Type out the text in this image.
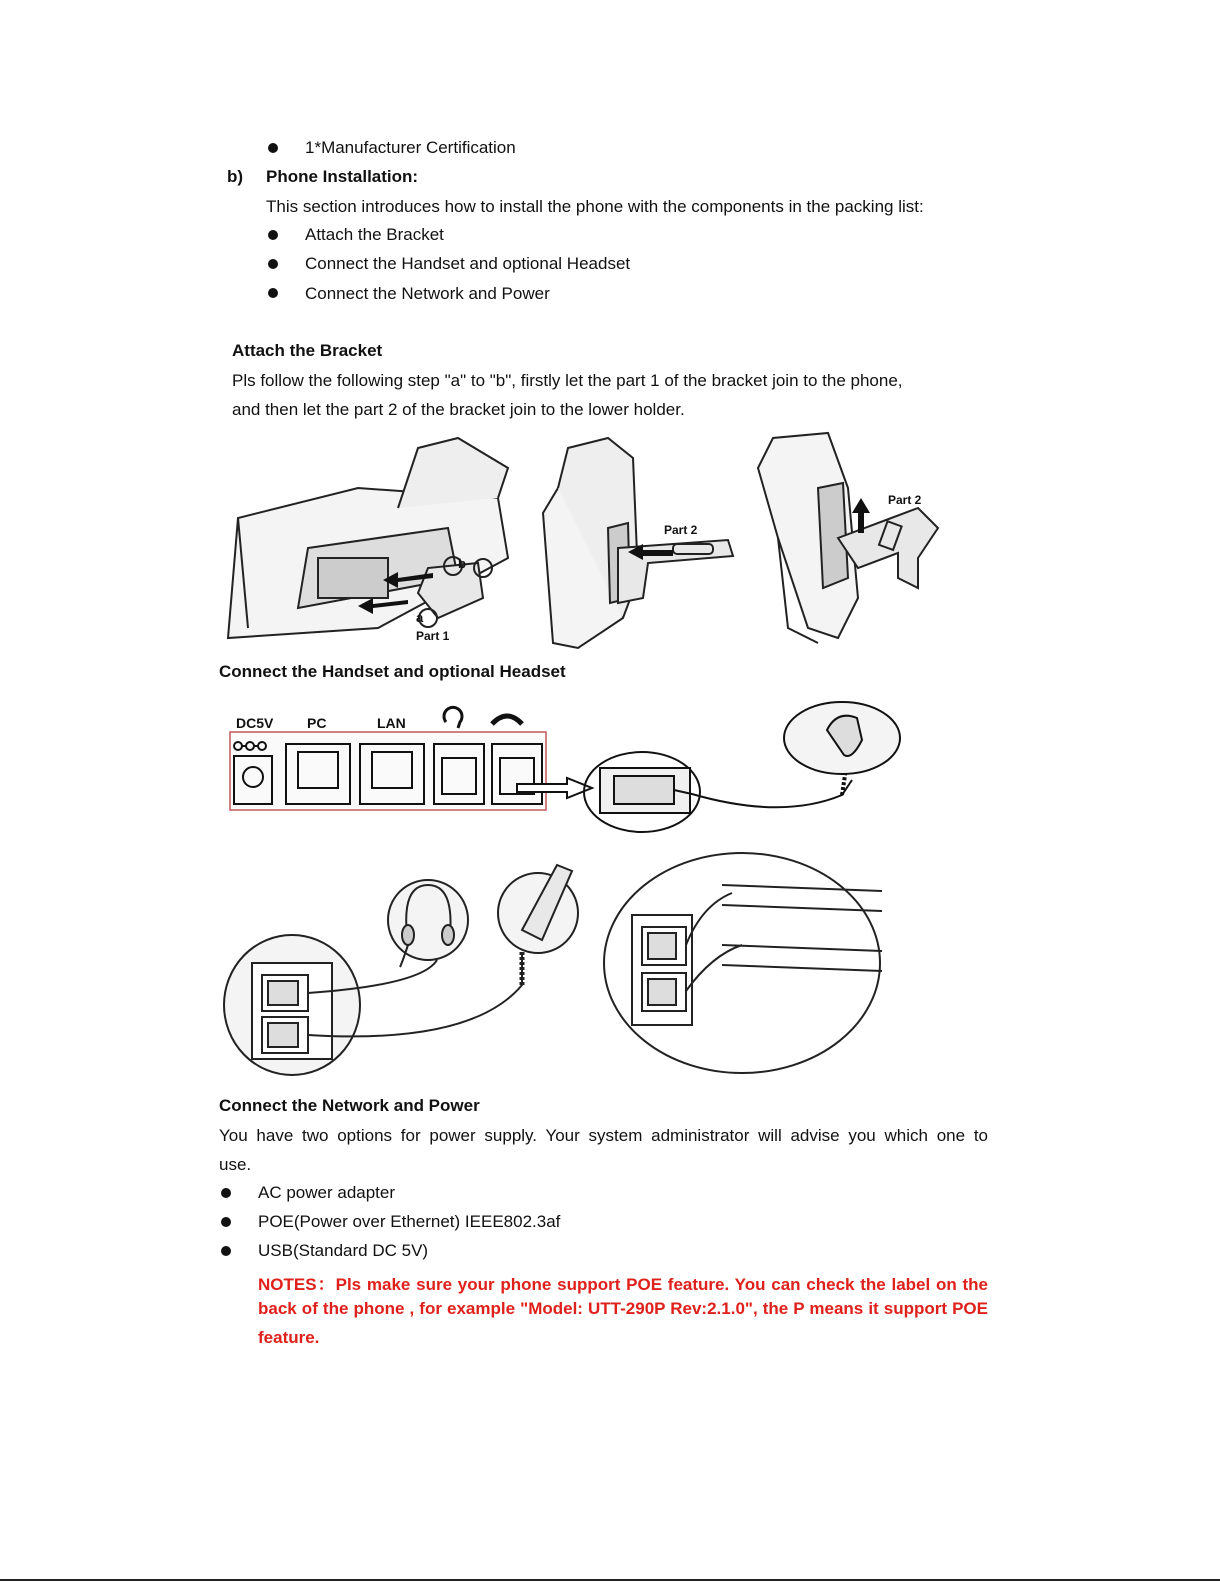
1*Manufacturer Certification
b) Phone Installation:
This section introduces how to install the phone with the components in the packing list:
Attach the Bracket
Connect the Handset and optional Headset
Connect the Network and Power
Attach the Bracket
Pls follow the following step "a" to "b", firstly let the part 1 of the bracket join to the phone,
and then let the part 2 of the bracket join to the lower holder.
b
a
Part 1
Part 2
Part 2
Connect the Handset and optional Headset
DC5V PC	LAN
Connect the Network and Power
You have two options for power supply. Your system administrator will advise you which one to
use.
AC power adapter
POE(Power over Ethernet) IEEE802.3af
USB(Standard DC 5V)
NOTES：Pls make sure your phone support POE feature. You can check the label on the
back of the phone , for example "Model: UTT-290P Rev:2.1.0", the P means it support POE
feature.
